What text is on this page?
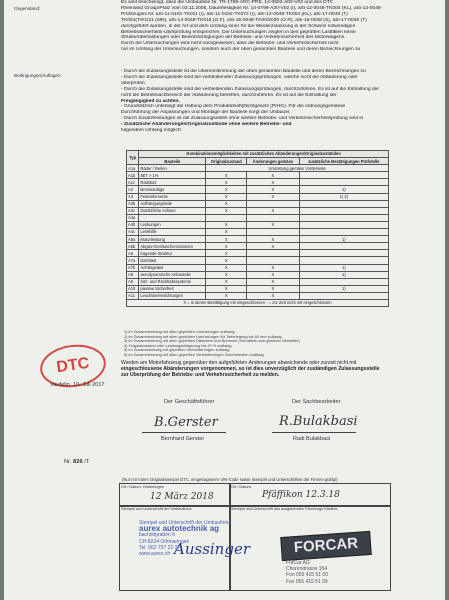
Gegenstand:
Bedingungen/Auflagen:
Es wird bescheinigt, dass die Umbauteile Nr. TR-1799-ARC-PRE, 14-0602-A00-V02 und des DTC
Rheinland Group/Pfalz vom 03.11.2006, Dauerfestigkeit Nr. 14-0799-A30-V02 (I), aSi-12-0048-TK004 (KL), aSi-13-0048-
Prüfzeugnis Nr. aSi-11-0102-TK011 (I), aSi-11-0102-TK072 (I), aSi-12-0048-TK004 (KL), aSi-17-0048 (T)
TK001(T/KO21 (MN), aSi-14-0048-TK018 (O.F), aSi-15-0048-TK003/030 (O.R), aSi-16-0048 (S), aSi-17-0048 (T)
durchgeführt wurden, in der Art und dem Umfang einer für die Wiederzulassung in der Schweiz notwendigen
Betriebssicherheits-Überprüfung entsprechen. Die Untersuchungen zeigten in den geprüften Lastfällen keine
Strukturüberlastungen oder Beeinträchtigungen der Betriebs- und Verkehrssicherheit des Motorwagens.
Durch die Untersuchungen wird nicht nachgewiesen, dass die Betriebs- und Verkehrssicherheit nicht
nur im Umfang der Untersuchungen, sondern auch der oben genannten Bauteile und deren Bezeichnungen zu
- Durch die Zulassungsstelle ist die Übereinstimmung der oben genannten Bauteile und deren Bezeichnungen zu
- Durch die Zulassungsstelle sind die verbleibenden Zulassungsprüfungen, welche nicht die Abänderung oder
überprüfen.
- Durch die Zulassungsstelle sind die verbleibenden Zulassungsprüfungen, durchzuführen. Es ist auf die Einhaltung der
nicht die Betriebsachbereich der Abänderung betreffen, durchzuführen. Es ist auf die Einhaltung der
Freigängigkeit zu achten.
- Grundsätzlich unterliegt die Haftung dem Produktehaftpflichtgesetz (PrHG). Für die ordnungsgemässe
Durchführung der Anpassungen und Montage der Bauteile sorgt der Umbauer.
- Durch Zusatzleistungen ist die Zulassungsstelle ohne weitere Betriebs- und Verkehrssicherheitsprüfung sind in
- Zusätzliche Abänderungen/Originalzustände ohne weitere Betriebs- und
folgendem Umfang möglich:
Typ	Kombinationsmöglichkeiten mit zusätzlichen Abänderungen/Originalzuständen			
	Bauteile	Originalzustand	Änderungen gemäss	zusätzliche Bestätigungen Prüfstelle
A1a	Räder / Reifen	Umrüstung gemäss Vorderseite		
A1b	äET > 1%	X	X	
A1c	Radstutz	X	X	
A2	Bremsanlage	X	X	1)
A3	Federelemente	X	X	1) 2)
A3b	Aufhängungsteile	X		
A3c	Zusätzliche Achsen	X	X	
A4a				
A4b	Lenkungen	X	X	
A4c	Lenkhilfe	X		
A5a	Motorleistung	X	X	1)
A5b	Abgas-/Geräuschemissionen	X	X	
A6	tragende Struktur	X		
A7a	Dachlast	X		
A7b	Anhängelast	X	X	1)
A8	aerodynamische Anbauteile	X	X	1)
A9	Sitz- und Rückhaltesysteme	X	X	
A10	passive Sicherheit	X	X	1)
A11	Leuchten/einrichtungen	X	X	
X = in dieser Bestätigung mit eingeschlossen - = zur Zeit nicht mit eingeschlossen				
1) im Zusammenhang mit allen geprüften Umrüstungen zulässig
2) im Zusammenhang mit allen geprüften Umrüstungen für Tieferlegung bis 60 mm zulässig
3) im Zusammenhang mit allen geprüften Dämpfern und Bremsen (Verhältnis vom gleichen Hersteller)
4) Originalzustand oder Leistungssteigerung bis 20 % zulässig
5) im Zusammenhang mit geprüften Verbreiterungen zulässig
6) im Zusammenhang mit allen geprüften Verbreiterungen Zubehörteilen zulässig
Werden am Motorfahrzeug gegenüber den aufgeführten Änderungen abweichende oder zurzeit nicht mit
eingeschlossene Abänderungen vorgenommen, so ist dies unverzüglich der zuständigen Zulassungsstelle
zur Überprüfung der Betriebs- und Verkehrssicherheit zu melden.
DTC
Vaufelin, 10. Juli 2017
Der Geschäftsführer	Der Sachbearbeiter
B.Gerster	R.Bulakbasi
Bernhard Gerster	Radi Bulakbasi
Nr. 826 /T
(Nur mit rotem Originalstempel DTC, eingetragenem VIN-Code sowie Stempel und Unterschriften der Firmen gültig!)
Ort / Datum: Ortmeringen	Ort / Datum:
Stempel und Unterschrift der Umbaufirma:	Stempel und Unterschrift des ausgebenden Fahrzeugs Käufers:
12 März 2018	Pfäffikon 12.3.18
Stempel und Unterschrift der Umbaufirma
aurex autotechnik ag
bachtelgraben 6
CH-8224 Othmaringen
Tel. 062 797 22 27
www.aurex.ch Aussinger	FORCAR
ForCar AG
Churerstrasse 154
Fon 055 415 51 00
Fax 055 415 51 09
